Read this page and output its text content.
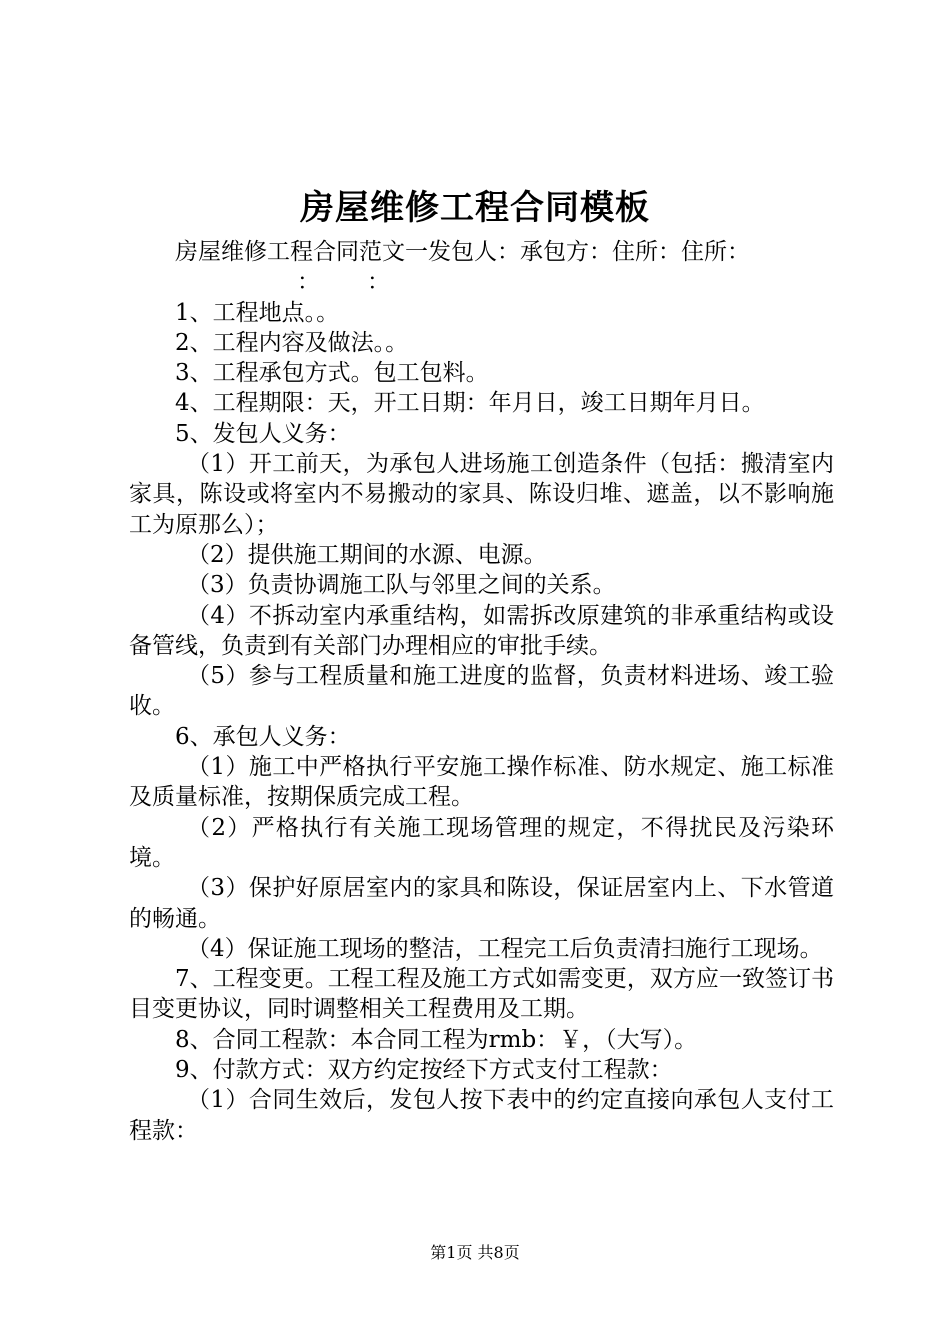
房屋维修工程合同模板

房屋维修工程合同范文一发包人：承包方：住所：住所：

： ：

1、工程地点。。

2、工程内容及做法。。

3、工程承包方式。包工包料。

4、工程期限：天，开工日期：年月日，竣工日期年月日。

5、发包人义务：

（1）开工前天，为承包人进场施工创造条件（包括：搬清室内家具，陈设或将室内不易搬动的家具、陈设归堆、遮盖，以不影响施工为原那么）；

（2）提供施工期间的水源、电源。

（3）负责协调施工队与邻里之间的关系。

（4）不拆动室内承重结构，如需拆改原建筑的非承重结构或设备管线，负责到有关部门办理相应的审批手续。

（5）参与工程质量和施工进度的监督，负责材料进场、竣工验收。

6、承包人义务：

（1）施工中严格执行平安施工操作标准、防水规定、施工标准及质量标准，按期保质完成工程。

（2）严格执行有关施工现场管理的规定，不得扰民及污染环境。

（3）保护好原居室内的家具和陈设，保证居室内上、下水管道的畅通。

（4）保证施工现场的整洁，工程完工后负责清扫施行工现场。

7、工程变更。工程工程及施工方式如需变更，双方应一致签订书目变更协议，同时调整相关工程费用及工期。

8、合同工程款：本合同工程为rmb：￥，（大写）。

9、付款方式：双方约定按经下方式支付工程款：

（1）合同生效后，发包人按下表中的约定直接向承包人支付工程款：

第1页 共8页
